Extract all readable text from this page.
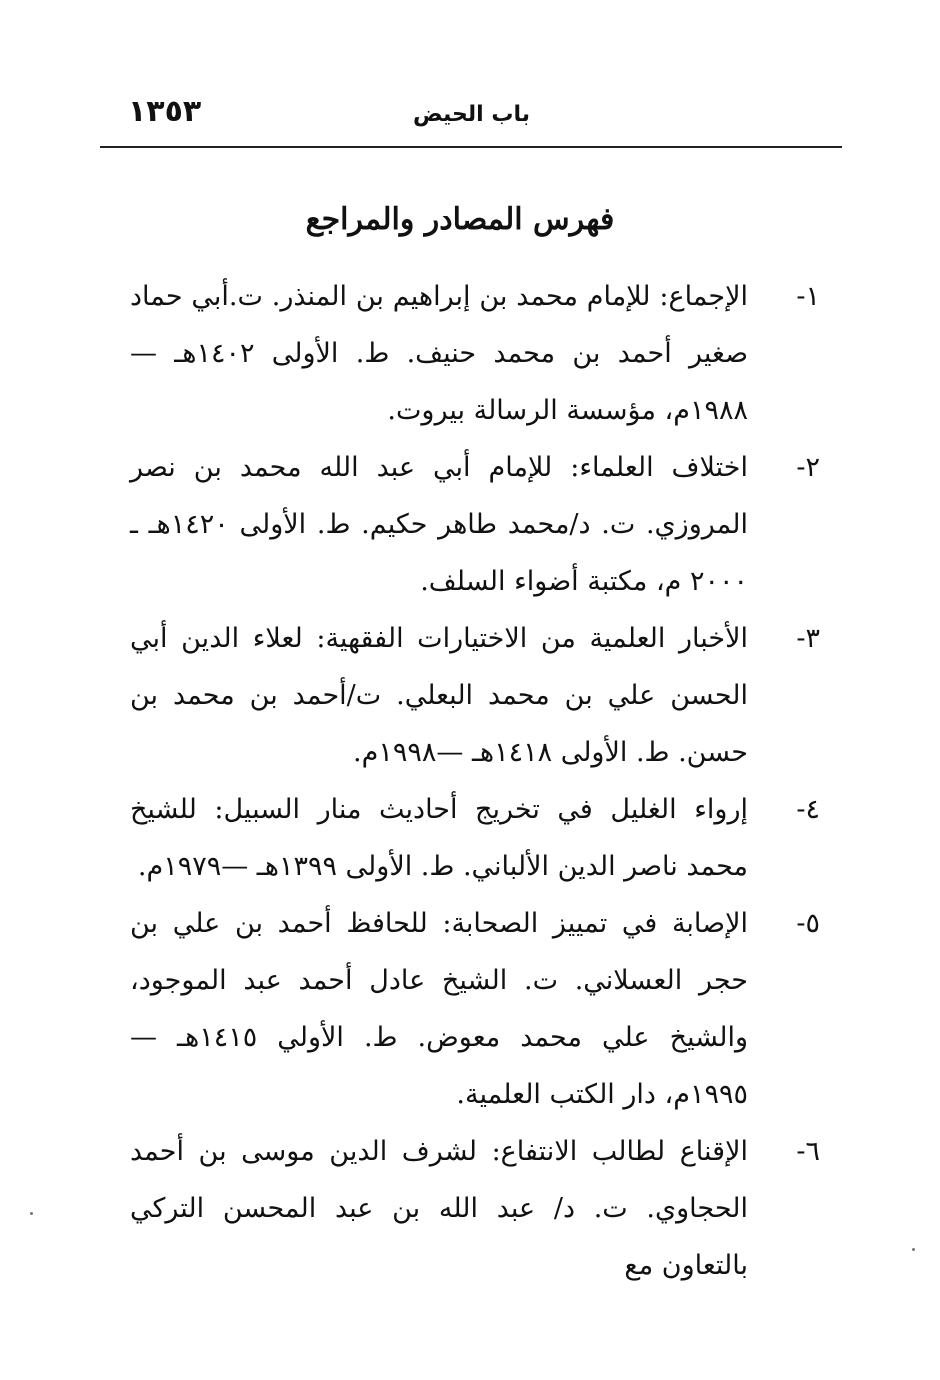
باب الحيض
١٣٥٣
فهرس المصادر والمراجع
١-
الإجماع: للإمام محمد بن إبراهيم بن المنذر. ت.أبي حماد صغير أحمد بن محمد حنيف. ط. الأولى ١٤٠٢هـ — ١٩٨٨م، مؤسسة الرسالة بيروت.
٢-
اختلاف العلماء: للإمام أبي عبد الله محمد بن نصر المروزي. ت. د/محمد طاهر حكيم. ط. الأولى ١٤٢٠هـ ـ ٢٠٠٠ م، مكتبة أضواء السلف.
٣-
الأخبار العلمية من الاختيارات الفقهية: لعلاء الدين أبي الحسن علي بن محمد البعلي. ت/أحمد بن محمد بن حسن. ط. الأولى ١٤١٨هـ —١٩٩٨م.
٤-
إرواء الغليل في تخريج أحاديث منار السبيل: للشيخ محمد ناصر الدين الألباني. ط. الأولى ١٣٩٩هـ —١٩٧٩م.
٥-
الإصابة في تمييز الصحابة: للحافظ أحمد بن علي بن حجر العسلاني. ت. الشيخ عادل أحمد عبد الموجود، والشيخ علي محمد معوض. ط. الأولي ١٤١٥هـ —١٩٩٥م، دار الكتب العلمية.
٦-
الإقناع لطالب الانتفاع: لشرف الدين موسى بن أحمد الحجاوي. ت. د/ عبد الله بن عبد المحسن التركي بالتعاون مع
